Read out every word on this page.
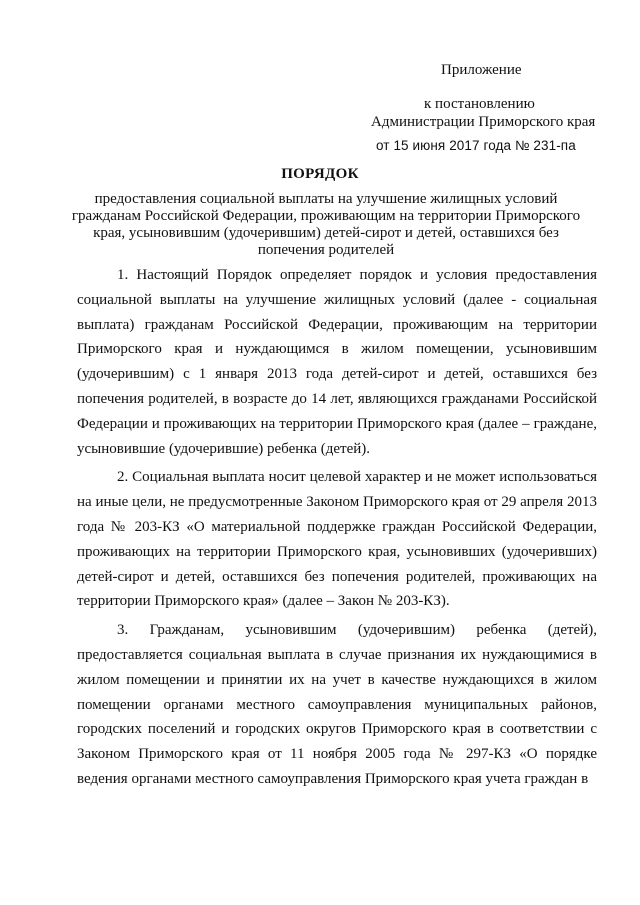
Приложение
к постановлению
Администрации Приморского края
от 15 июня 2017 года № 231-па
ПОРЯДОК
предоставления социальной выплаты на улучшение жилищных условий гражданам Российской Федерации, проживающим на территории Приморского края, усыновившим (удочерившим) детей-сирот и детей, оставшихся без попечения родителей

1. Настоящий Порядок определяет порядок и условия предоставления социальной выплаты на улучшение жилищных условий (далее - социальная выплата) гражданам Российской Федерации, проживающим на территории Приморского края и нуждающимся в жилом помещении, усыновившим (удочерившим) с 1 января 2013 года детей-сирот и детей, оставшихся без попечения родителей, в возрасте до 14 лет, являющихся гражданами Российской Федерации и проживающих на территории Приморского края (далее – граждане, усыновившие (удочерившие) ребенка (детей).

2. Социальная выплата носит целевой характер и не может использоваться на иные цели, не предусмотренные Законом Приморского края от 29 апреля 2013 года № 203-КЗ «О материальной поддержке граждан Российской Федерации, проживающих на территории Приморского края, усыновивших (удочеривших) детей-сирот и детей, оставшихся без попечения родителей, проживающих на территории Приморского края» (далее – Закон № 203-КЗ).

3. Гражданам, усыновившим (удочерившим) ребенка (детей), предоставляется социальная выплата в случае признания их нуждающимися в жилом помещении и принятии их на учет в качестве нуждающихся в жилом помещении органами местного самоуправления муниципальных районов, городских поселений и городских округов Приморского края в соответствии с Законом Приморского края от 11 ноября 2005 года № 297-КЗ «О порядке ведения органами местного самоуправления Приморского края учета граждан в
